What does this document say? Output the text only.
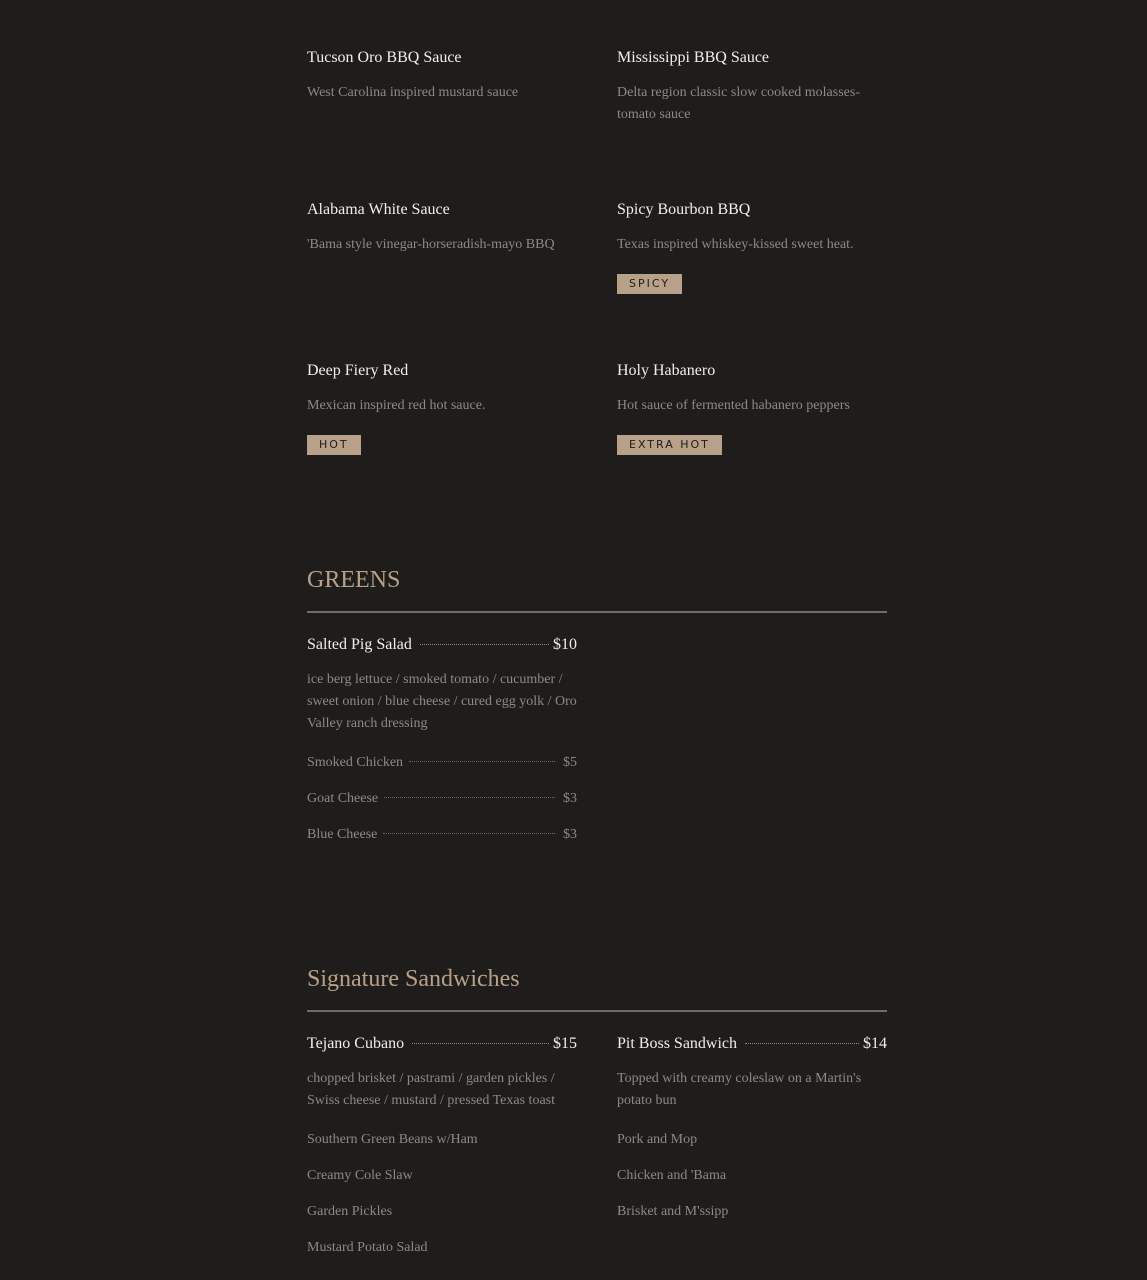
Tucson Oro BBQ Sauce
West Carolina inspired mustard sauce
Mississippi BBQ Sauce
Delta region classic slow cooked molasses-tomato sauce
Alabama White Sauce
'Bama style vinegar-horseradish-mayo BBQ
Spicy Bourbon BBQ
Texas inspired whiskey-kissed sweet heat.
SPICY
Deep Fiery Red
Mexican inspired red hot sauce.
HOT
Holy Habanero
Hot sauce of fermented habanero peppers
EXTRA HOT
GREENS
Salted Pig Salad	$10
ice berg lettuce / smoked tomato / cucumber / sweet onion / blue cheese / cured egg yolk / Oro Valley ranch dressing
Smoked Chicken	$5
Goat Cheese	$3
Blue Cheese	$3
Signature Sandwiches
Tejano Cubano	$15
chopped brisket / pastrami / garden pickles / Swiss cheese / mustard / pressed Texas toast
Southern Green Beans w/Ham
Creamy Cole Slaw
Garden Pickles
Mustard Potato Salad
Pit Boss Sandwich	$14
Topped with creamy coleslaw on a Martin's potato bun
Pork and Mop
Chicken and 'Bama
Brisket and M'ssipp
